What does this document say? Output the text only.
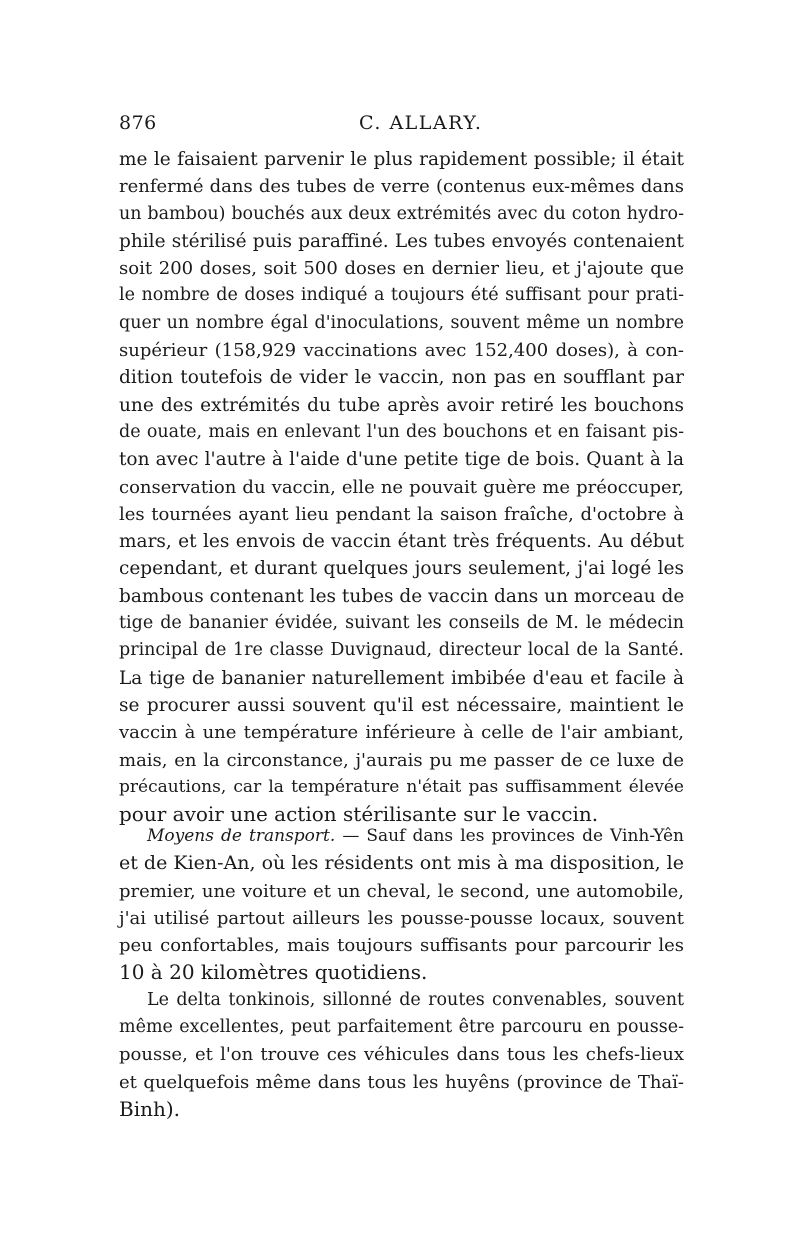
876	C. ALLARY.
me le faisaient parvenir le plus rapidement possible; il était
renfermé dans des tubes de verre (contenus eux-mêmes dans
un bambou) bouchés aux deux extrémités avec du coton hydro-
phile stérilisé puis paraffiné. Les tubes envoyés contenaient
soit 200 doses, soit 500 doses en dernier lieu, et j'ajoute que
le nombre de doses indiqué a toujours été suffisant pour prati-
quer un nombre égal d'inoculations, souvent même un nombre
supérieur (158,929 vaccinations avec 152,400 doses), à con-
dition toutefois de vider le vaccin, non pas en soufflant par
une des extrémités du tube après avoir retiré les bouchons
de ouate, mais en enlevant l'un des bouchons et en faisant pis-
ton avec l'autre à l'aide d'une petite tige de bois. Quant à la
conservation du vaccin, elle ne pouvait guère me préoccuper,
les tournées ayant lieu pendant la saison fraîche, d'octobre à
mars, et les envois de vaccin étant très fréquents. Au début
cependant, et durant quelques jours seulement, j'ai logé les
bambous contenant les tubes de vaccin dans un morceau de
tige de bananier évidée, suivant les conseils de M. le médecin
principal de 1re classe Duvignaud, directeur local de la Santé.
La tige de bananier naturellement imbibée d'eau et facile à
se procurer aussi souvent qu'il est nécessaire, maintient le
vaccin à une température inférieure à celle de l'air ambiant,
mais, en la circonstance, j'aurais pu me passer de ce luxe de
précautions, car la température n'était pas suffisamment élevée
pour avoir une action stérilisante sur le vaccin.
Moyens de transport. — Sauf dans les provinces de Vinh-Yên
et de Kien-An, où les résidents ont mis à ma disposition, le
premier, une voiture et un cheval, le second, une automobile,
j'ai utilisé partout ailleurs les pousse-pousse locaux, souvent
peu confortables, mais toujours suffisants pour parcourir les
10 à 20 kilomètres quotidiens.
Le delta tonkinois, sillonné de routes convenables, souvent
même excellentes, peut parfaitement être parcouru en pousse-
pousse, et l'on trouve ces véhicules dans tous les chefs-lieux
et quelquefois même dans tous les huyêns (province de Thaï-
Binh).
